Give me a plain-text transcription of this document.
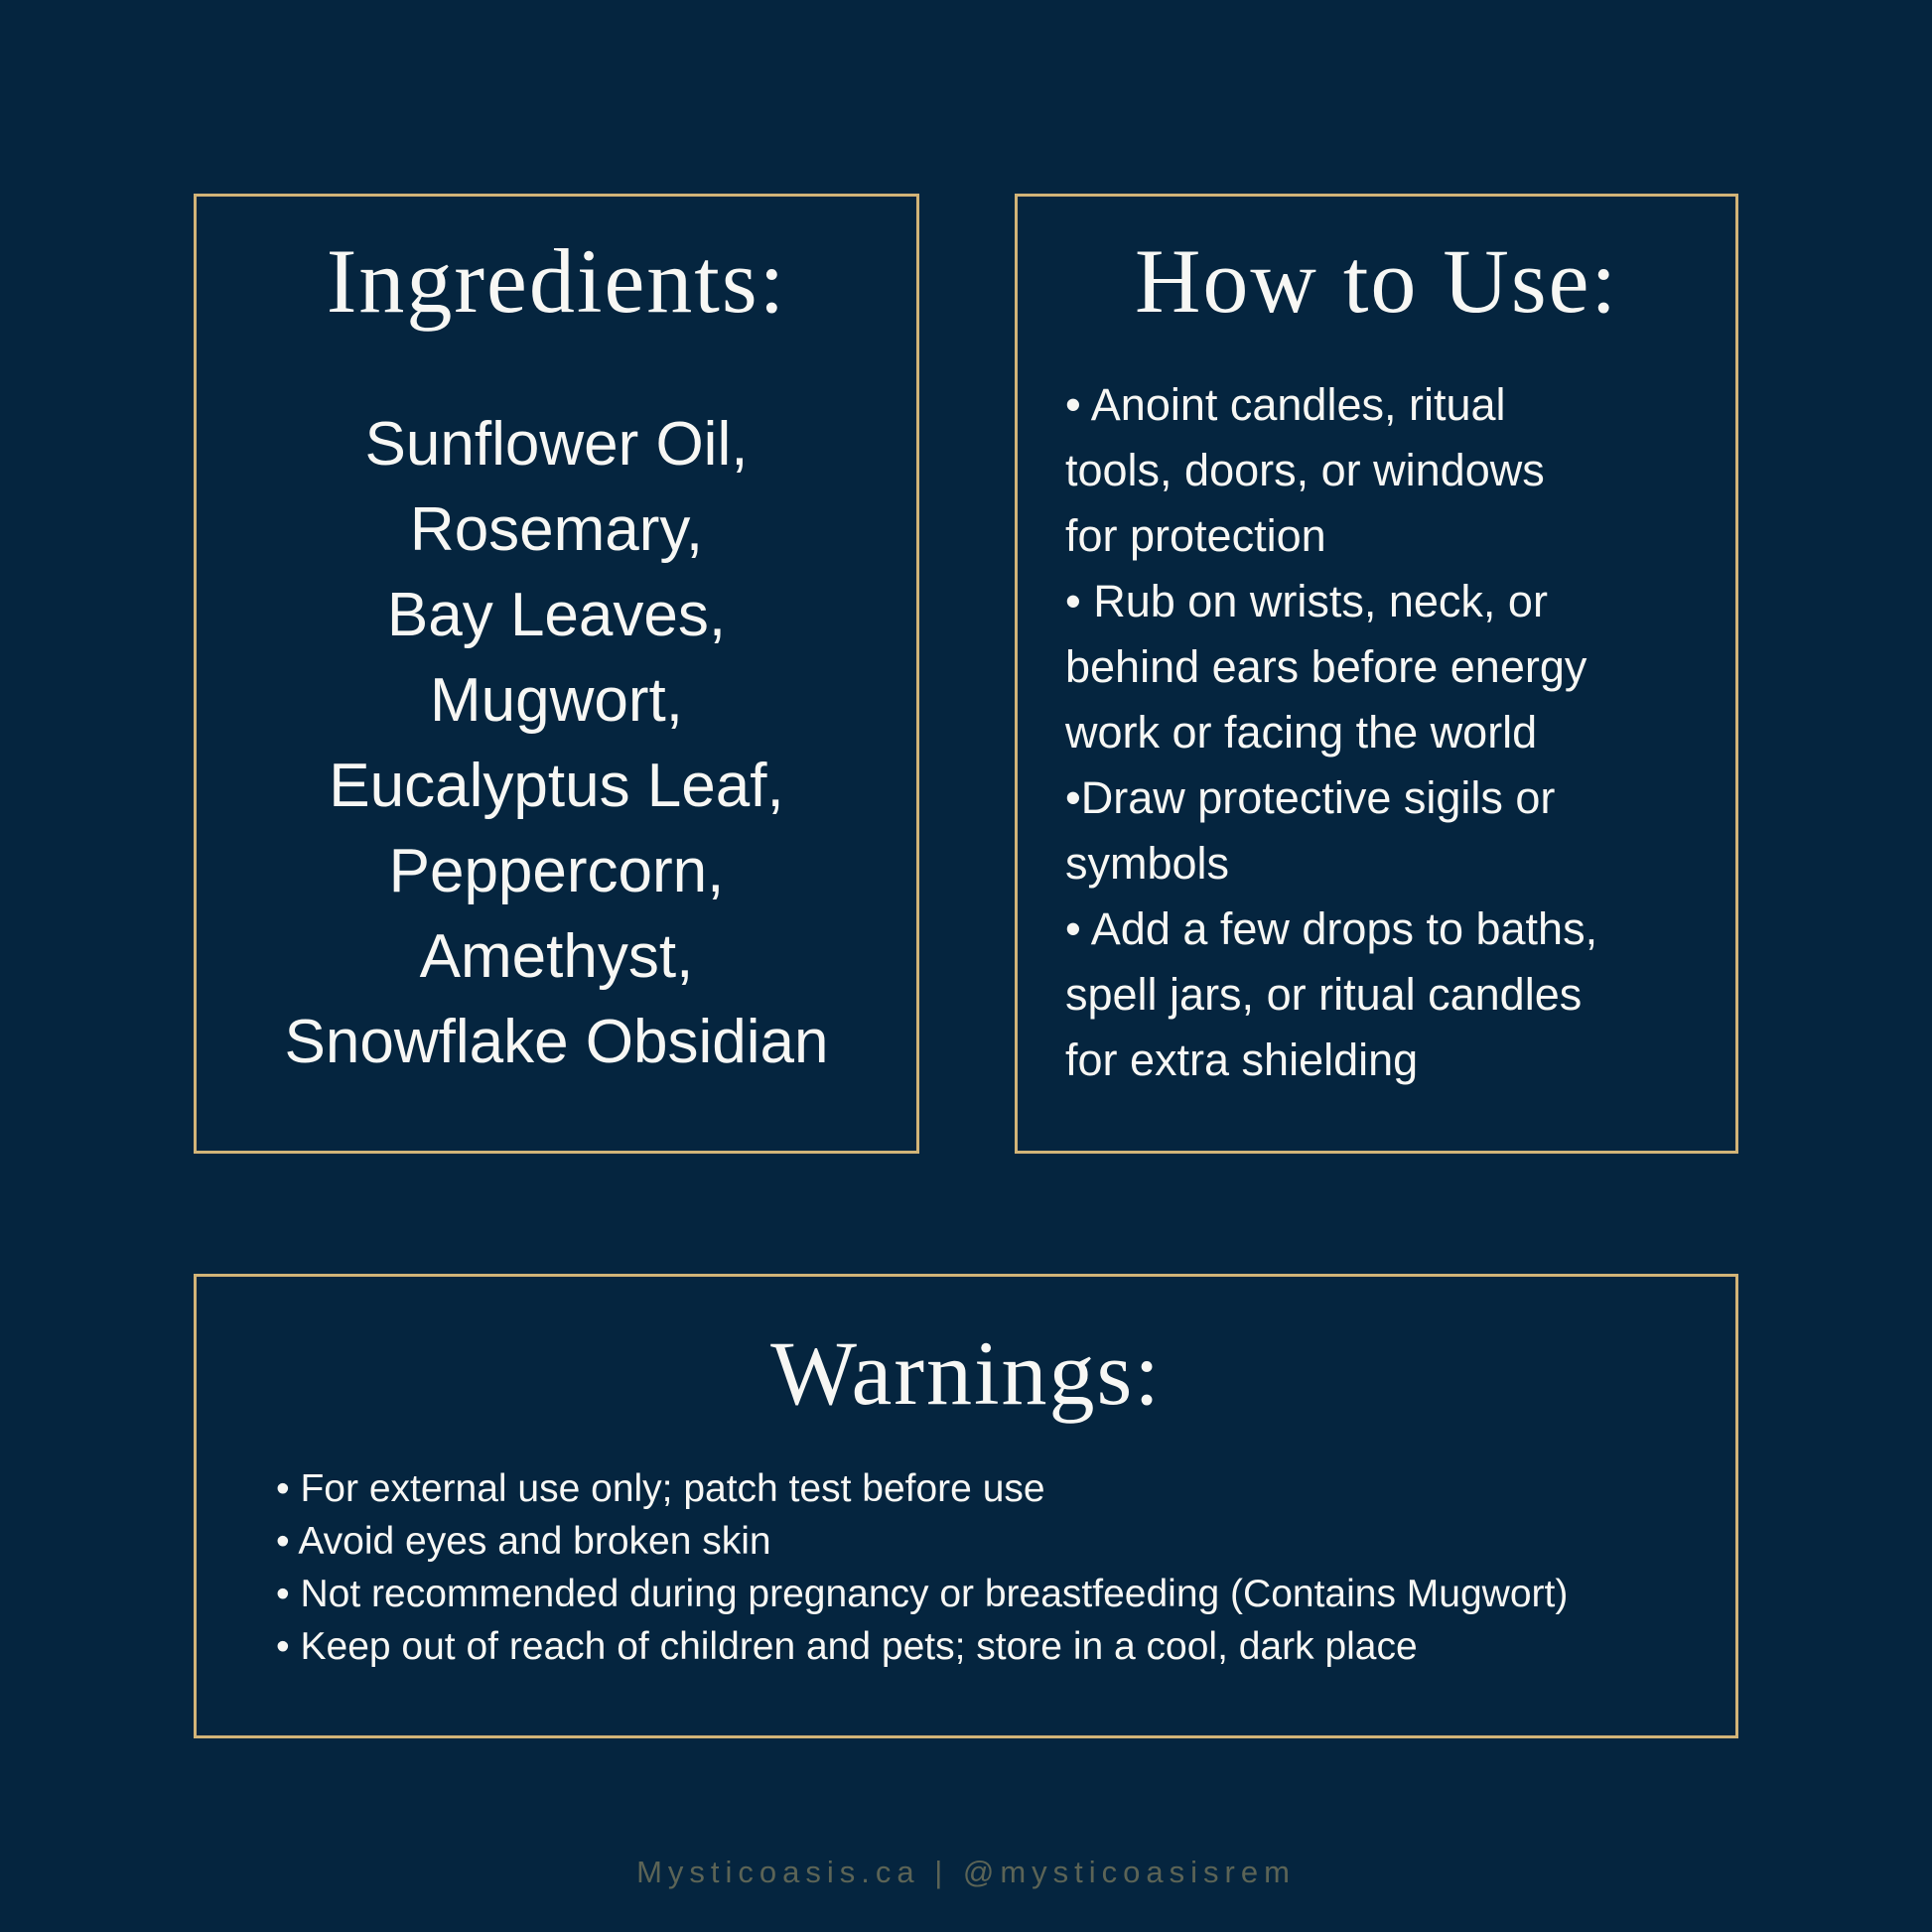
Ingredients:
Sunflower Oil,
Rosemary,
Bay Leaves,
Mugwort,
Eucalyptus Leaf,
Peppercorn,
Amethyst,
Snowflake Obsidian
How to Use:
• Anoint candles, ritual
tools, doors, or windows
for protection
• Rub on wrists, neck, or
behind ears before energy
work or facing the world
•Draw protective sigils or
symbols
• Add a few drops to baths,
spell jars, or ritual candles
for extra shielding
Warnings:
• For external use only; patch test before use
• Avoid eyes and broken skin
• Not recommended during pregnancy or breastfeeding (Contains Mugwort)
• Keep out of reach of children and pets; store in a cool, dark place
Mysticoasis.ca | @mysticoasisrem
